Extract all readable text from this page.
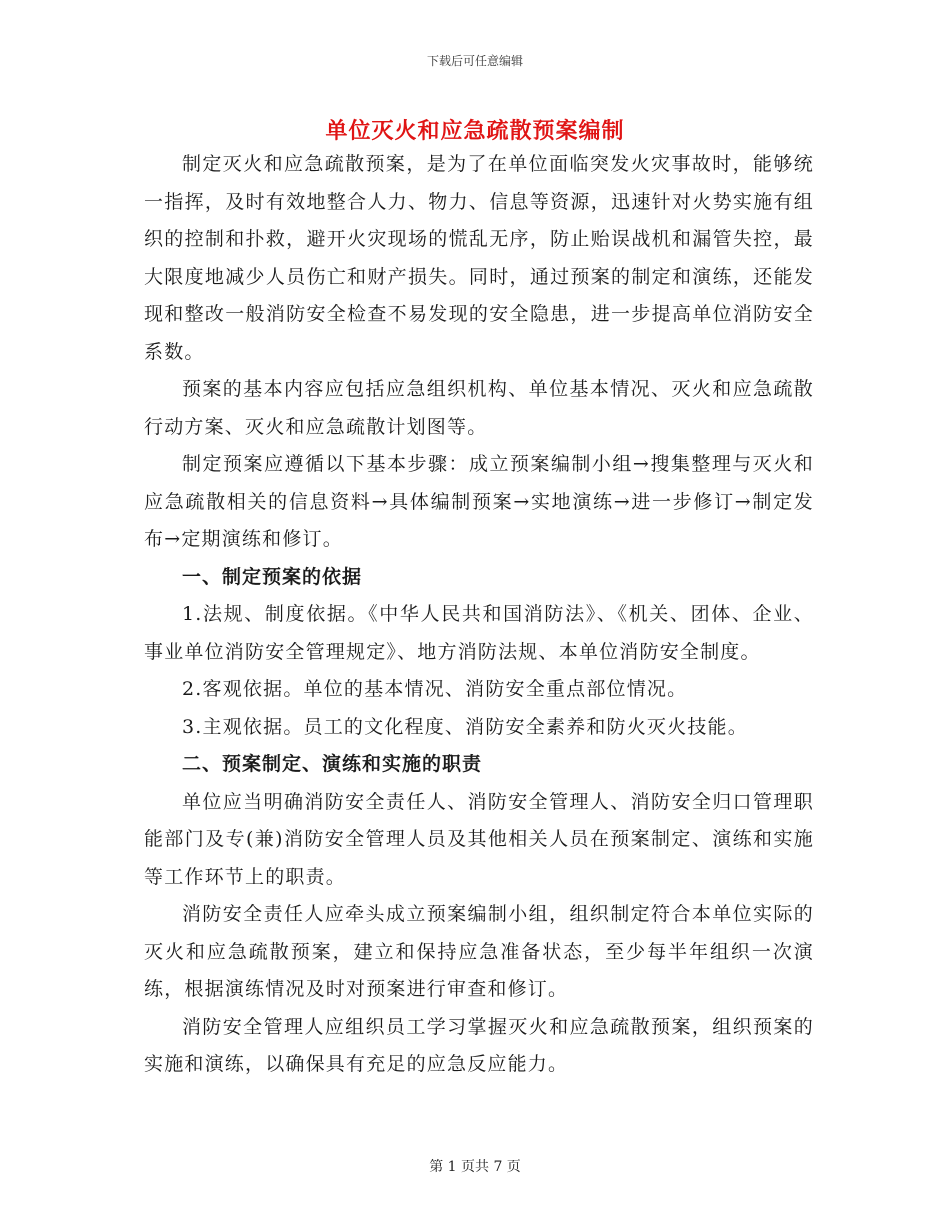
下载后可任意编辑
单位灭火和应急疏散预案编制

制定灭火和应急疏散预案，是为了在单位面临突发火灾事故时，能够统一指挥，及时有效地整合人力、物力、信息等资源，迅速针对火势实施有组织的控制和扑救，避开火灾现场的慌乱无序，防止贻误战机和漏管失控，最大限度地减少人员伤亡和财产损失。同时，通过预案的制定和演练，还能发现和整改一般消防安全检查不易发现的安全隐患，进一步提高单位消防安全系数。

预案的基本内容应包括应急组织机构、单位基本情况、灭火和应急疏散行动方案、灭火和应急疏散计划图等。

制定预案应遵循以下基本步骤：成立预案编制小组→搜集整理与灭火和应急疏散相关的信息资料→具体编制预案→实地演练→进一步修订→制定发布→定期演练和修订。

一、制定预案的依据

1.法规、制度依据。《中华人民共和国消防法》、《机关、团体、企业、事业单位消防安全管理规定》、地方消防法规、本单位消防安全制度。

2.客观依据。单位的基本情况、消防安全重点部位情况。

3.主观依据。员工的文化程度、消防安全素养和防火灭火技能。

二、预案制定、演练和实施的职责

单位应当明确消防安全责任人、消防安全管理人、消防安全归口管理职能部门及专(兼)消防安全管理人员及其他相关人员在预案制定、演练和实施等工作环节上的职责。

消防安全责任人应牵头成立预案编制小组，组织制定符合本单位实际的灭火和应急疏散预案，建立和保持应急准备状态，至少每半年组织一次演练，根据演练情况及时对预案进行审查和修订。

消防安全管理人应组织员工学习掌握灭火和应急疏散预案，组织预案的实施和演练，以确保具有充足的应急反应能力。

第 1 页共 7 页
